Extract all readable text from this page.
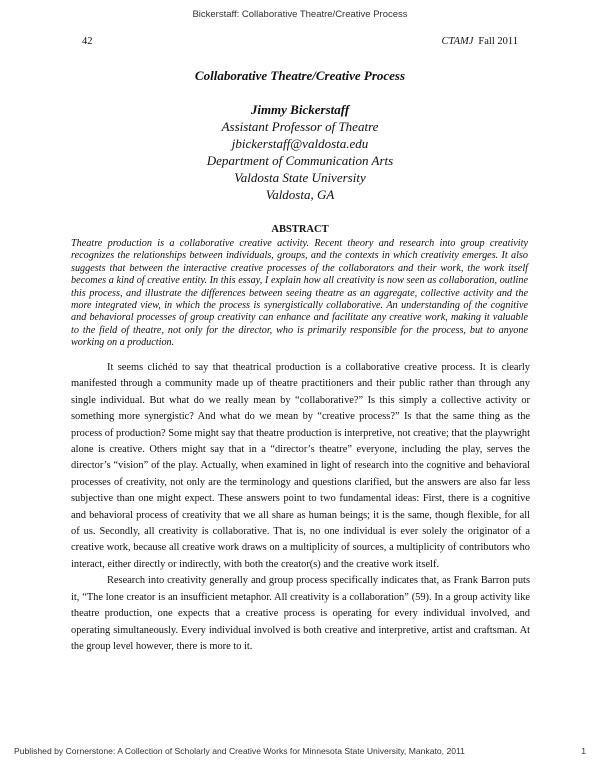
Bickerstaff: Collaborative Theatre/Creative Process
42	CTAMJ Fall 2011
Collaborative Theatre/Creative Process
Jimmy Bickerstaff
Assistant Professor of Theatre
jbickerstaff@valdosta.edu
Department of Communication Arts
Valdosta State University
Valdosta, GA
ABSTRACT
Theatre production is a collaborative creative activity. Recent theory and research into group creativity recognizes the relationships between individuals, groups, and the contexts in which creativity emerges. It also suggests that between the interactive creative processes of the collaborators and their work, the work itself becomes a kind of creative entity. In this essay, I explain how all creativity is now seen as collaboration, outline this process, and illustrate the differences between seeing theatre as an aggregate, collective activity and the more integrated view, in which the process is synergistically collaborative. An understanding of the cognitive and behavioral processes of group creativity can enhance and facilitate any creative work, making it valuable to the field of theatre, not only for the director, who is primarily responsible for the process, but to anyone working on a production.

It seems clichéd to say that theatrical production is a collaborative creative process. It is clearly manifested through a community made up of theatre practitioners and their public rather than through any single individual. But what do we really mean by “collaborative?” Is this simply a collective activity or something more synergistic? And what do we mean by “creative process?” Is that the same thing as the process of production? Some might say that theatre production is interpretive, not creative; that the playwright alone is creative. Others might say that in a “director’s theatre” everyone, including the play, serves the director’s “vision” of the play. Actually, when examined in light of research into the cognitive and behavioral processes of creativity, not only are the terminology and questions clarified, but the answers are also far less subjective than one might expect. These answers point to two fundamental ideas: First, there is a cognitive and behavioral process of creativity that we all share as human beings; it is the same, though flexible, for all of us. Secondly, all creativity is collaborative. That is, no one individual is ever solely the originator of a creative work, because all creative work draws on a multiplicity of sources, a multiplicity of contributors who interact, either directly or indirectly, with both the creator(s) and the creative work itself.

Research into creativity generally and group process specifically indicates that, as Frank Barron puts it, “The lone creator is an insufficient metaphor. All creativity is a collaboration” (59). In a group activity like theatre production, one expects that a creative process is operating for every individual involved, and operating simultaneously. Every individual involved is both creative and interpretive, artist and craftsman. At the group level however, there is more to it.

Published by Cornerstone: A Collection of Scholarly and Creative Works for Minnesota State University, Mankato, 2011	1
